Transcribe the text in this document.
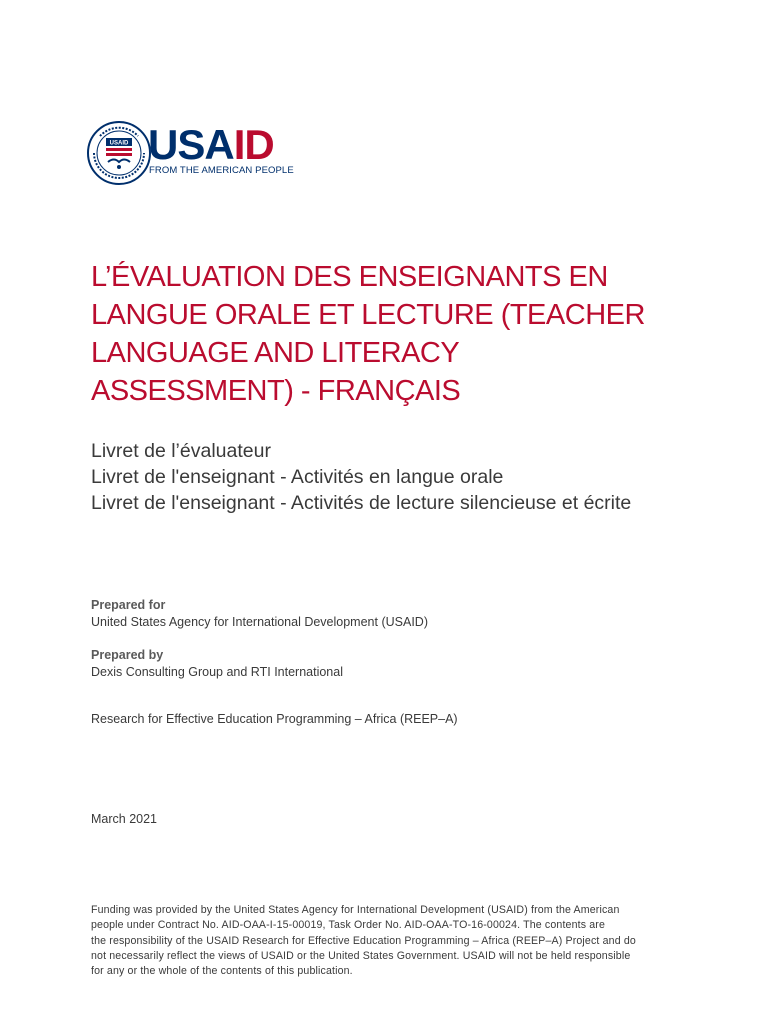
USAID USAID
FROM THE AMERICAN PEOPLE
L’ÉVALUATION DES ENSEIGNANTS EN
LANGUE ORALE ET LECTURE (TEACHER
LANGUAGE AND LITERACY
ASSESSMENT) - FRANÇAIS
Livret de l’évaluateur
Livret de l'enseignant - Activités en langue orale
Livret de l'enseignant - Activités de lecture silencieuse et écrite
Prepared for
United States Agency for International Development (USAID)
Prepared by
Dexis Consulting Group and RTI International
Research for Effective Education Programming – Africa (REEP–A)
March 2021
Funding was provided by the United States Agency for International Development (USAID) from the American
people under Contract No. AID-OAA-I-15-00019, Task Order No. AID-OAA-TO-16-00024. The contents are
the responsibility of the USAID Research for Effective Education Programming – Africa (REEP–A) Project and do
not necessarily reflect the views of USAID or the United States Government. USAID will not be held responsible
for any or the whole of the contents of this publication.
